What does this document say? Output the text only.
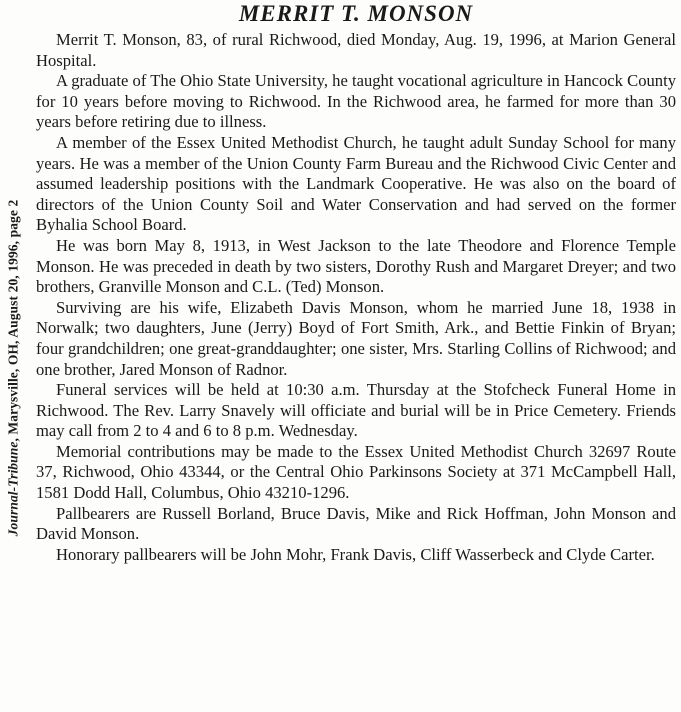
Journal-Tribune, Marysville, OH, August 20, 1996, page 2
MERRIT T. MONSON

Merrit T. Monson, 83, of rural Richwood, died Monday, Aug. 19, 1996, at Marion General Hospital.

A graduate of The Ohio State University, he taught vocational agriculture in Hancock County for 10 years before moving to Richwood. In the Richwood area, he farmed for more than 30 years before retiring due to illness.

A member of the Essex United Methodist Church, he taught adult Sunday School for many years. He was a member of the Union County Farm Bureau and the Richwood Civic Center and assumed leadership positions with the Landmark Cooperative. He was also on the board of directors of the Union County Soil and Water Conservation and had served on the former Byhalia School Board.

He was born May 8, 1913, in West Jackson to the late Theodore and Florence Temple Monson. He was preceded in death by two sisters, Dorothy Rush and Margaret Dreyer; and two brothers, Granville Monson and C.L. (Ted) Monson.

Surviving are his wife, Elizabeth Davis Monson, whom he married June 18, 1938 in Norwalk; two daughters, June (Jerry) Boyd of Fort Smith, Ark., and Bettie Finkin of Bryan; four grandchildren; one great-granddaughter; one sister, Mrs. Starling Collins of Richwood; and one brother, Jared Monson of Radnor.

Funeral services will be held at 10:30 a.m. Thursday at the Stofcheck Funeral Home in Richwood. The Rev. Larry Snavely will officiate and burial will be in Price Cemetery. Friends may call from 2 to 4 and 6 to 8 p.m. Wednesday.

Memorial contributions may be made to the Essex United Methodist Church 32697 Route 37, Richwood, Ohio 43344, or the Central Ohio Parkinsons Society at 371 McCampbell Hall, 1581 Dodd Hall, Columbus, Ohio 43210-1296.

Pallbearers are Russell Borland, Bruce Davis, Mike and Rick Hoffman, John Monson and David Monson.

Honorary pallbearers will be John Mohr, Frank Davis, Cliff Wasserbeck and Clyde Carter.
